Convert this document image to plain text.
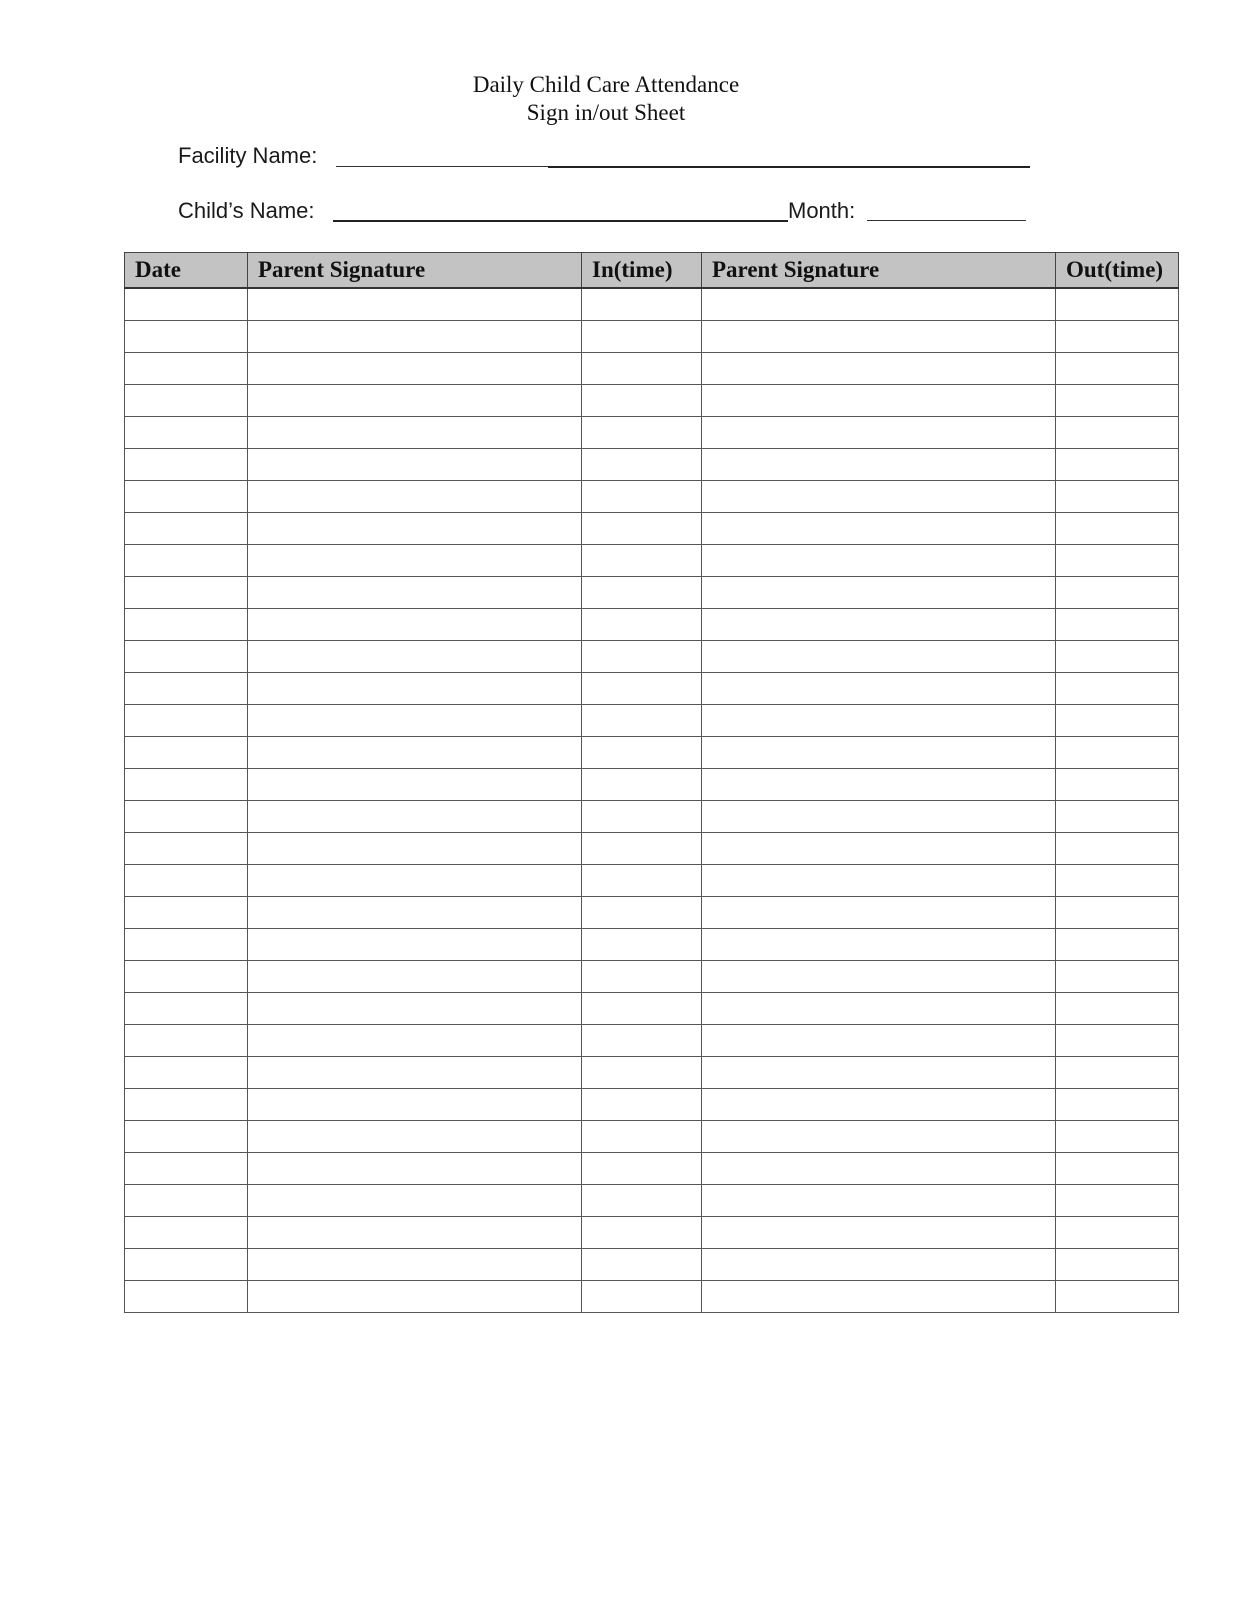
Daily Child Care Attendance
Sign in/out Sheet
Facility Name:
Child’s Name:	Month:
Date	Parent Signature	In(time)	Parent Signature	Out(time)
